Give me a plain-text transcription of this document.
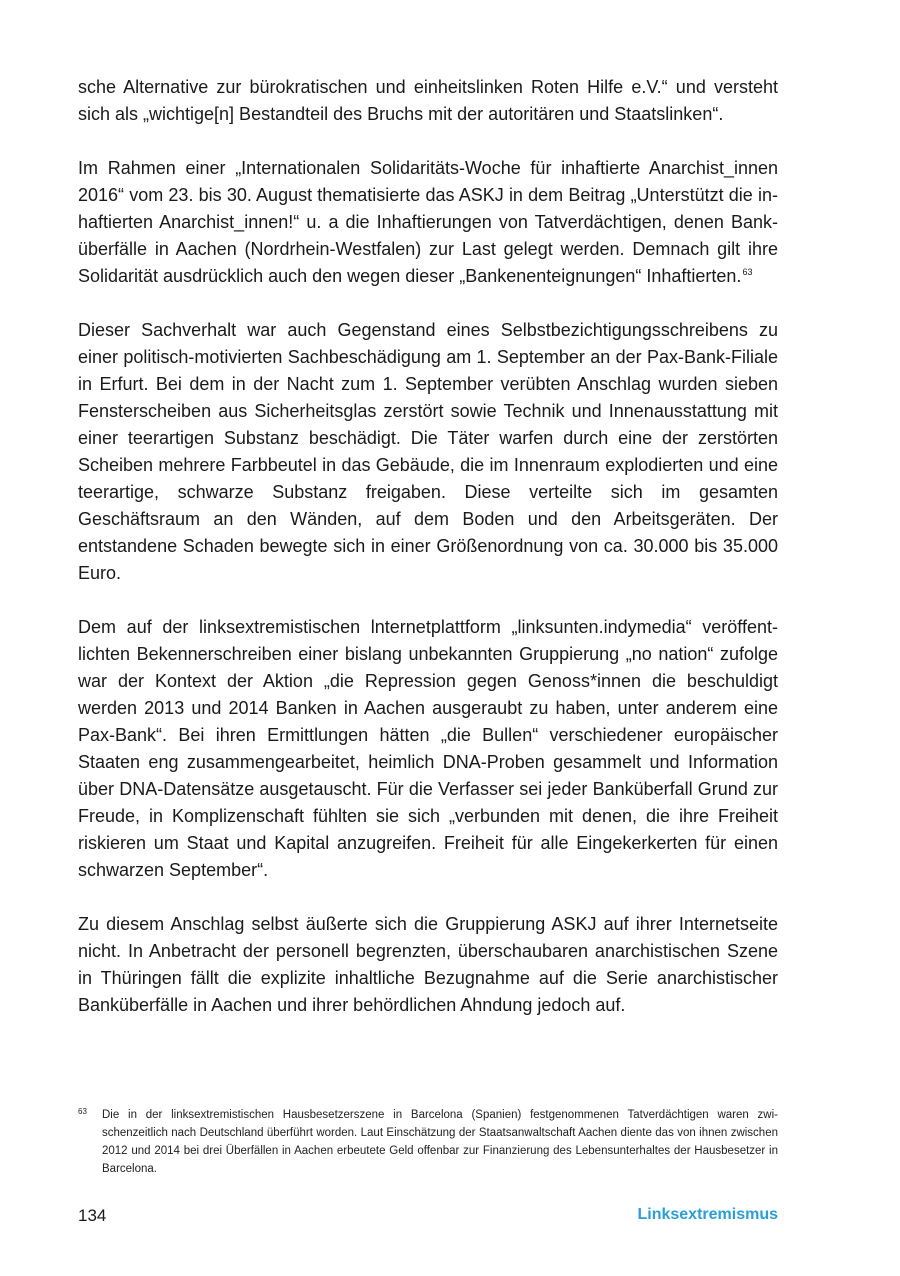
sche Alternative zur bürokratischen und einheitslinken Roten Hilfe e.V.“ und versteht sich als „wichtige[n] Bestandteil des Bruchs mit der autoritären und Staatslinken“.

Im Rahmen einer „Internationalen Solidaritäts-Woche für inhaftierte Anarchist_innen 2016“ vom 23. bis 30. August thematisierte das ASKJ in dem Beitrag „Unterstützt die inhaftierten Anarchist_innen!“ u. a die Inhaftierungen von Tatverdächtigen, denen Banküberfälle in Aachen (Nordrhein-Westfalen) zur Last gelegt werden. Demnach gilt ihre Solidarität ausdrücklich auch den wegen dieser „Bankenenteignungen“ Inhaftierten.$^{63}$

Dieser Sachverhalt war auch Gegenstand eines Selbstbezichtigungsschreibens zu einer politisch-motivierten Sachbeschädigung am 1. September an der Pax-Bank-Filiale in Erfurt. Bei dem in der Nacht zum 1. September verübten Anschlag wurden sieben Fensterscheiben aus Sicherheitsglas zerstört sowie Technik und Innenausstattung mit einer teerartigen Substanz beschädigt. Die Täter warfen durch eine der zerstörten Scheiben mehrere Farbbeutel in das Gebäude, die im Innenraum explodierten und eine teerartige, schwarze Substanz freigaben. Diese verteilte sich im gesamten Geschäftsraum an den Wänden, auf dem Boden und den Arbeitsgeräten. Der entstandene Schaden bewegte sich in einer Größenordnung von ca. 30.000 bis 35.000 Euro.

Dem auf der linksextremistischen lnternetplattform „linksunten.indymedia“ veröffentlichten Bekennerschreiben einer bislang unbekannten Gruppierung „no nation“ zufolge war der Kontext der Aktion „die Repression gegen Genoss*innen die beschuldigt werden 2013 und 2014 Banken in Aachen ausgeraubt zu haben, unter anderem eine Pax-Bank“. Bei ihren Ermittlungen hätten „die Bullen“ verschiedener europäischer Staaten eng zusammengearbeitet, heimlich DNA-Proben gesammelt und Information über DNA-Datensätze ausgetauscht. Für die Verfasser sei jeder Banküberfall Grund zur Freude, in Komplizenschaft fühlten sie sich „verbunden mit denen, die ihre Freiheit riskieren um Staat und Kapital anzugreifen. Freiheit für alle Eingekerkerten für einen schwarzen September“.

Zu diesem Anschlag selbst äußerte sich die Gruppierung ASKJ auf ihrer Internetseite nicht. In Anbetracht der personell begrenzten, überschaubaren anarchistischen Szene in Thüringen fällt die explizite inhaltliche Bezugnahme auf die Serie anarchistischer Banküberfälle in Aachen und ihrer behördlichen Ahndung jedoch auf.

63 Die in der linksextremistischen Hausbesetzerszene in Barcelona (Spanien) festgenommenen Tatverdächtigen waren zwischenzeitlich nach Deutschland überführt worden. Laut Einschätzung der Staatsanwaltschaft Aachen diente das von ihnen zwischen 2012 und 2014 bei drei Überfällen in Aachen erbeutete Geld offenbar zur Finanzierung des Lebensunterhaltes der Hausbesetzer in Barcelona.

134	Linksextremismus
